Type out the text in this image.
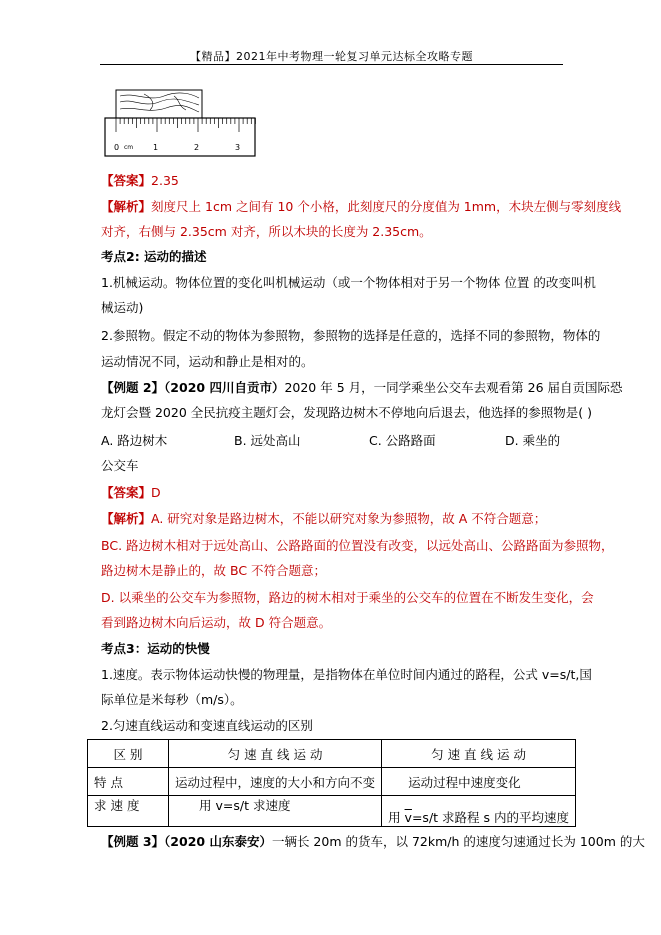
【精品】2021年中考物理一轮复习单元达标全攻略专题
0 cm 1	2	3
【答案】2.35
【解析】刻度尺上 1cm 之间有 10 个小格，此刻度尺的分度值为 1mm，木块左侧与零刻度线
对齐，右侧与 2.35cm 对齐，所以木块的长度为 2.35cm。
考点2: 运动的描述
1.机械运动。物体位置的变化叫机械运动（或一个物体相对于另一个物体 位置 的改变叫机
械运动)
2.参照物。假定不动的物体为参照物，参照物的选择是任意的，选择不同的参照物，物体的
运动情况不同，运动和静止是相对的。
【例题 2】（2020 四川自贡市）2020 年 5 月，一同学乘坐公交车去观看第 26 届自贡国际恐
龙灯会暨 2020 全民抗疫主题灯会，发现路边树木不停地向后退去，他选择的参照物是( )
A. 路边树木	B. 远处高山	C. 公路路面	D. 乘坐的
公交车
【答案】D
【解析】A. 研究对象是路边树木，不能以研究对象为参照物，故 A 不符合题意；
BC. 路边树木相对于远处高山、公路路面的位置没有改变，以远处高山、公路路面为参照物，
路边树木是静止的，故 BC 不符合题意；
D. 以乘坐的公交车为参照物，路边的树木相对于乘坐的公交车的位置在不断发生变化，会
看到路边树木向后运动，故 D 符合题意。
考点3：运动的快慢
1.速度。表示物体运动快慢的物理量，是指物体在单位时间内通过的路程，公式 v=s/t,国
际单位是米每秒（m/s）。
2.匀速直线运动和变速直线运动的区别
区 别	匀 速 直 线 运 动	匀 速 直 线 运 动
特 点	运动过程中，速度的大小和方向不变	运动过程中速度变化
求 速 度	用 v=s/t 求速度	用 $\overline{v}=s/t$ 求路程 s 内的平均速度
【例题 3】（2020 山东泰安）一辆长 20m 的货车，以 72km/h 的速度匀速通过长为 100m 的大
